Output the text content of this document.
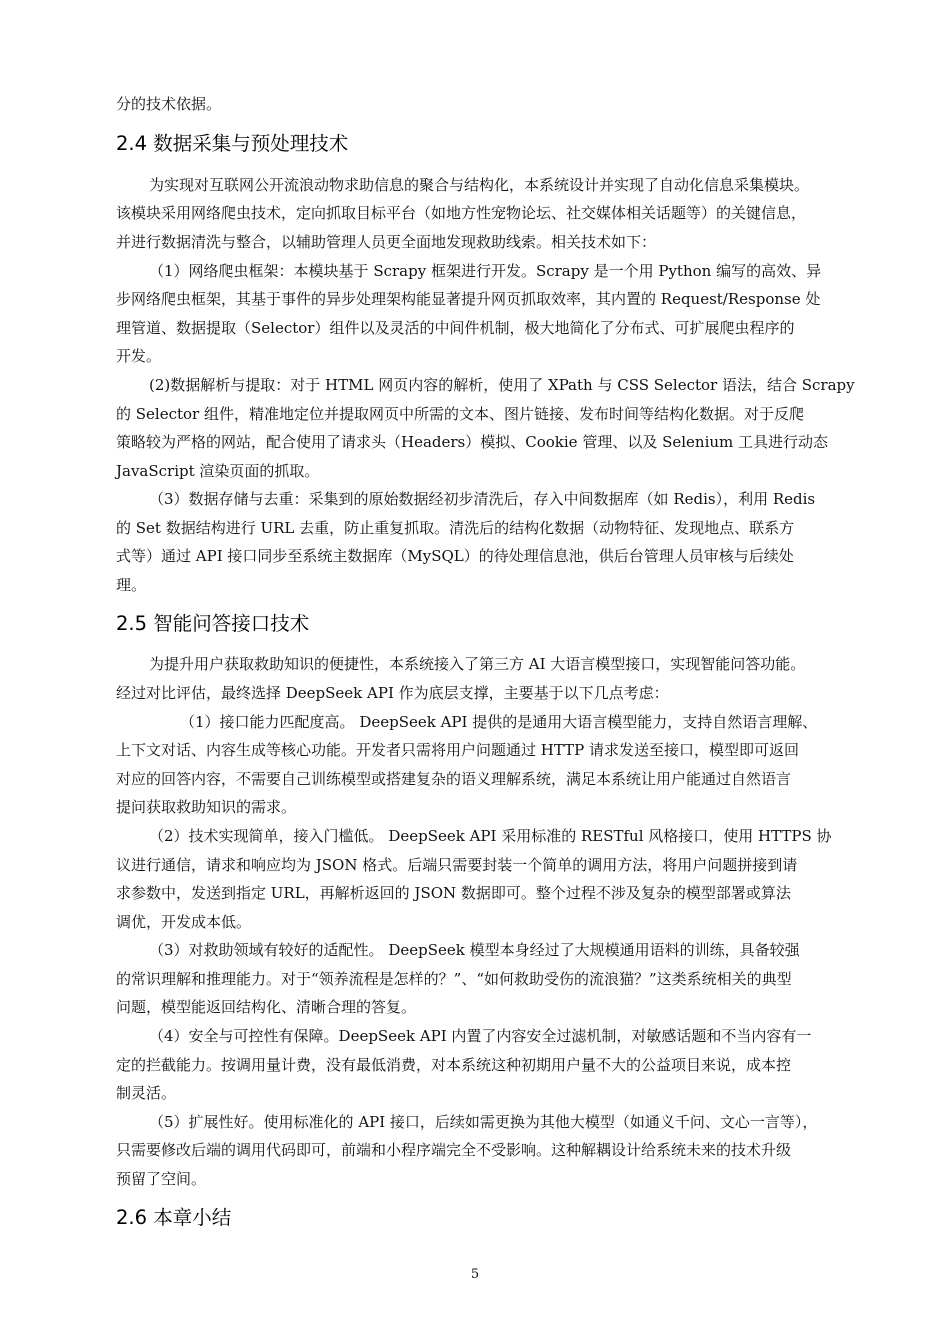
分的技术依据。
2.4 数据采集与预处理技术
为实现对互联网公开流浪动物求助信息的聚合与结构化，本系统设计并实现了自动化信息采集模块。
该模块采用网络爬虫技术，定向抓取目标平台（如地方性宠物论坛、社交媒体相关话题等）的关键信息，
并进行数据清洗与整合，以辅助管理人员更全面地发现救助线索。相关技术如下：
（1）网络爬虫框架：本模块基于 Scrapy 框架进行开发。Scrapy 是一个用 Python 编写的高效、异
步网络爬虫框架，其基于事件的异步处理架构能显著提升网页抓取效率，其内置的 Request/Response 处
理管道、数据提取（Selector）组件以及灵活的中间件机制，极大地简化了分布式、可扩展爬虫程序的
开发。
(2)数据解析与提取：对于 HTML 网页内容的解析，使用了 XPath 与 CSS Selector 语法，结合 Scrapy
的 Selector 组件，精准地定位并提取网页中所需的文本、图片链接、发布时间等结构化数据。对于反爬
策略较为严格的网站，配合使用了请求头（Headers）模拟、Cookie 管理、以及 Selenium 工具进行动态
JavaScript 渲染页面的抓取。
（3）数据存储与去重：采集到的原始数据经初步清洗后，存入中间数据库（如 Redis），利用 Redis
的 Set 数据结构进行 URL 去重，防止重复抓取。清洗后的结构化数据（动物特征、发现地点、联系方
式等）通过 API 接口同步至系统主数据库（MySQL）的待处理信息池，供后台管理人员审核与后续处
理。
2.5 智能问答接口技术
为提升用户获取救助知识的便捷性，本系统接入了第三方 AI 大语言模型接口，实现智能问答功能。
经过对比评估，最终选择 DeepSeek API 作为底层支撑，主要基于以下几点考虑：
（1）接口能力匹配度高。 DeepSeek API 提供的是通用大语言模型能力，支持自然语言理解、
上下文对话、内容生成等核心功能。开发者只需将用户问题通过 HTTP 请求发送至接口，模型即可返回
对应的回答内容，不需要自己训练模型或搭建复杂的语义理解系统，满足本系统让用户能通过自然语言
提问获取救助知识的需求。
（2）技术实现简单，接入门槛低。 DeepSeek API 采用标准的 RESTful 风格接口，使用 HTTPS 协
议进行通信，请求和响应均为 JSON 格式。后端只需要封装一个简单的调用方法，将用户问题拼接到请
求参数中，发送到指定 URL，再解析返回的 JSON 数据即可。整个过程不涉及复杂的模型部署或算法
调优，开发成本低。
（3）对救助领域有较好的适配性。 DeepSeek 模型本身经过了大规模通用语料的训练，具备较强
的常识理解和推理能力。对于“领养流程是怎样的？”、“如何救助受伤的流浪猫？”这类系统相关的典型
问题，模型能返回结构化、清晰合理的答复。
（4）安全与可控性有保障。DeepSeek API 内置了内容安全过滤机制，对敏感话题和不当内容有一
定的拦截能力。按调用量计费，没有最低消费，对本系统这种初期用户量不大的公益项目来说，成本控
制灵活。
（5）扩展性好。使用标准化的 API 接口，后续如需更换为其他大模型（如通义千问、文心一言等），
只需要修改后端的调用代码即可，前端和小程序端完全不受影响。这种解耦设计给系统未来的技术升级
预留了空间。
2.6 本章小结
5
